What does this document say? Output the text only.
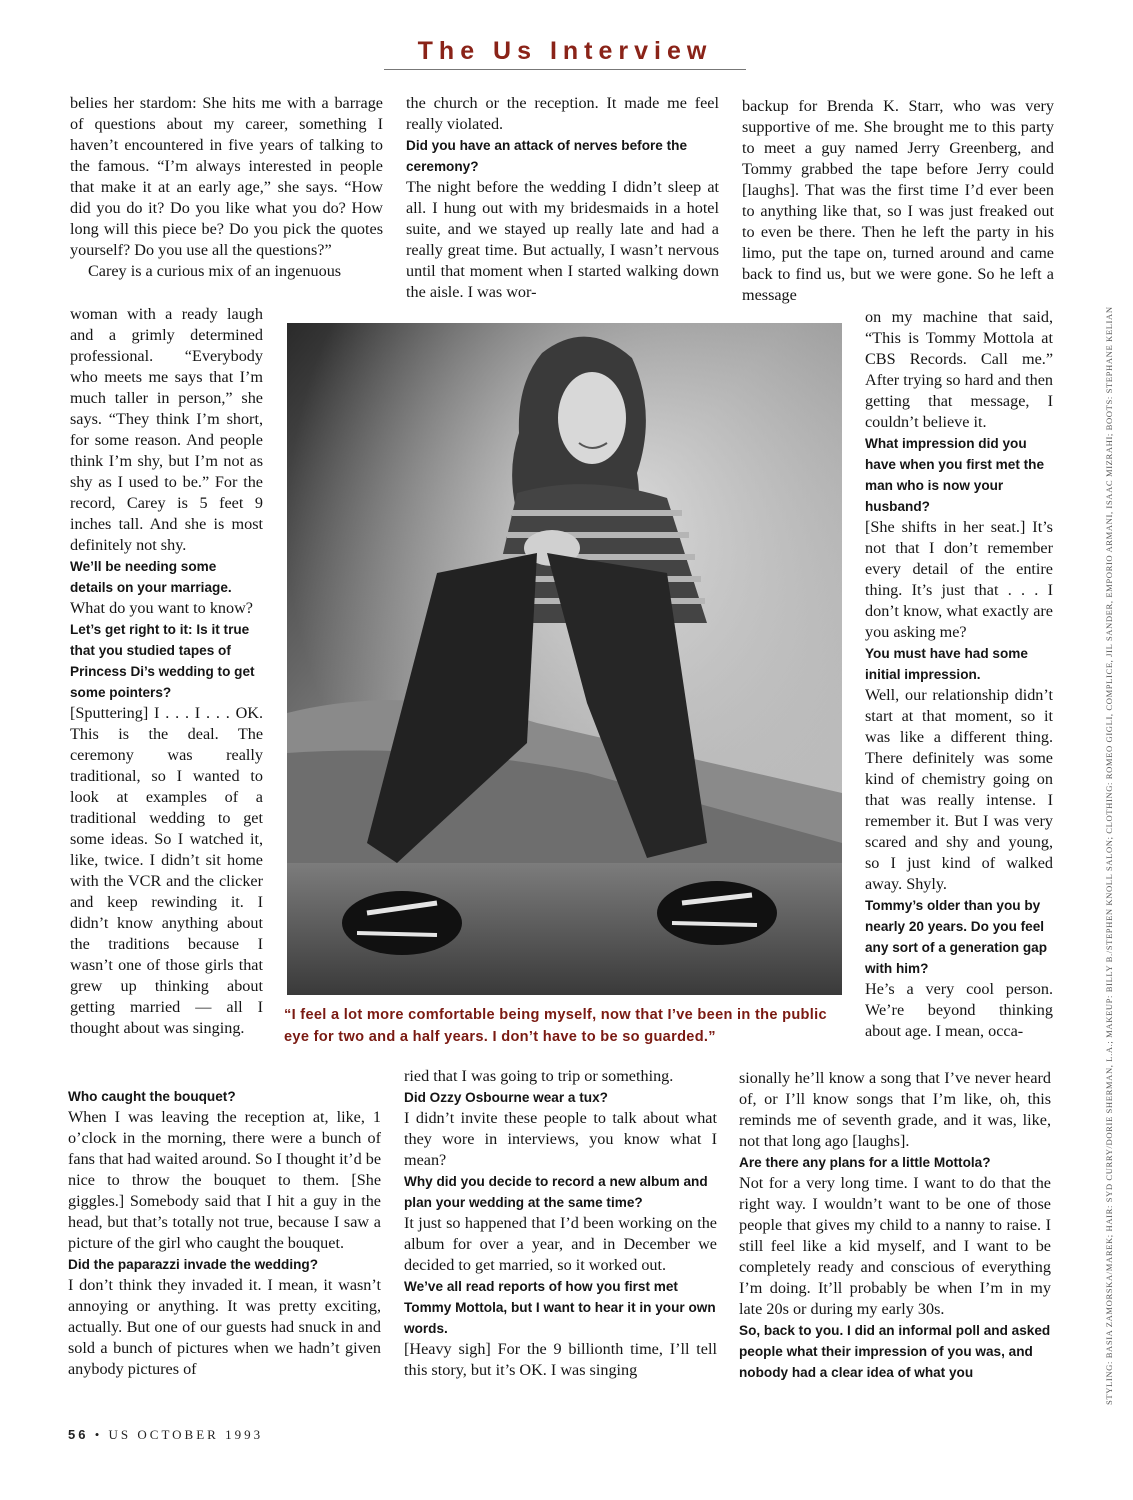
The Us Interview

belies her stardom: She hits me with a barrage of questions about my career, something I haven’t encountered in five years of talking to the famous. “I’m always interested in people that make it at an early age,” she says. “How did you do it? Do you like what you do? How long will this piece be? Do you pick the quotes yourself? Do you use all the questions?”

Carey is a curious mix of an ingenuous

woman with a ready laugh and a grimly determined professional. “Everybody who meets me says that I’m much taller in person,” she says. “They think I’m short, for some reason. And people think I’m shy, but I’m not as shy as I used to be.” For the record, Carey is 5 feet 9 inches tall. And she is most definitely not shy.

We’ll be needing some details on your marriage.

What do you want to know?

Let’s get right to it: Is it true that you studied tapes of Princess Di’s wedding to get some pointers?

[Sputtering] I . . . I . . . OK. This is the deal. The ceremony was really traditional, so I wanted to look at examples of a traditional wedding to get some ideas. So I watched it, like, twice. I didn’t sit home with the VCR and the clicker and keep rewinding it. I didn’t know anything about the traditions because I wasn’t one of those girls that grew up thinking about getting married — all I thought about was singing.

Who caught the bouquet?

When I was leaving the reception at, like, 1 o’clock in the morning, there were a bunch of fans that had waited around. So I thought it’d be nice to throw the bouquet to them. [She giggles.] Somebody said that I hit a guy in the head, but that’s totally not true, because I saw a picture of the girl who caught the bouquet.

Did the paparazzi invade the wedding?

I don’t think they invaded it. I mean, it wasn’t annoying or anything. It was pretty exciting, actually. But one of our guests had snuck in and sold a bunch of pictures when we hadn’t given anybody pictures of

the church or the reception. It made me feel really violated.

Did you have an attack of nerves before the ceremony?

The night before the wedding I didn’t sleep at all. I hung out with my bridesmaids in a hotel suite, and we stayed up really late and had a really great time. But actually, I wasn’t nervous until that moment when I started walking down the aisle. I was wor-

ried that I was going to trip or something.

Did Ozzy Osbourne wear a tux?

I didn’t invite these people to talk about what they wore in interviews, you know what I mean?

Why did you decide to record a new album and plan your wedding at the same time?

It just so happened that I’d been working on the album for over a year, and in December we decided to get married, so it worked out.

We’ve all read reports of how you first met Tommy Mottola, but I want to hear it in your own words.

[Heavy sigh] For the 9 billionth time, I’ll tell this story, but it’s OK. I was singing

backup for Brenda K. Starr, who was very supportive of me. She brought me to this party to meet a guy named Jerry Greenberg, and Tommy grabbed the tape before Jerry could [laughs]. That was the first time I’d ever been to anything like that, so I was just freaked out to even be there. Then he left the party in his limo, put the tape on, turned around and came back to find us, but we were gone. So he left a message

on my machine that said, “This is Tommy Mottola at CBS Records. Call me.” After trying so hard and then getting that message, I couldn’t believe it.

What impression did you have when you first met the man who is now your husband?

[She shifts in her seat.] It’s not that I don’t remember every detail of the entire thing. It’s just that . . . I don’t know, what exactly are you asking me?

You must have had some initial impression.

Well, our relationship didn’t start at that moment, so it was like a different thing. There definitely was some kind of chemistry going on that was really intense. I remember it. But I was very scared and shy and young, so I just kind of walked away. Shyly.

Tommy’s older than you by nearly 20 years. Do you feel any sort of a generation gap with him?

He’s a very cool person. We’re beyond thinking about age. I mean, occa-

sionally he’ll know a song that I’ve never heard of, or I’ll know songs that I’m like, oh, this reminds me of seventh grade, and it was, like, not that long ago [laughs].

Are there any plans for a little Mottola?

Not for a very long time. I want to do that the right way. I wouldn’t want to be one of those people that gives my child to a nanny to raise. I still feel like a kid myself, and I want to be completely ready and conscious of everything I’m doing. It’ll probably be when I’m in my late 20s or during my early 30s.

So, back to you. I did an informal poll and asked people what their impression of you was, and nobody had a clear idea of what you

“I feel a lot more comfortable being myself, now that I’ve been in the public eye for two and a half years. I don’t have to be so guarded.”	STYLING: BASIA ZAMORSKA/MAREK; HAIR: SYD CURRY/DORIE SHERMAN, L.A.; MAKEUP: BILLY B./STEPHEN KNOLL SALON; CLOTHING: ROMEO GIGLI, COMPLICE, JIL SANDER, EMPORIO ARMANI, ISAAC MIZRAHI; BOOTS: STEPHANE KELIAN
56 • US OCTOBER 1993
